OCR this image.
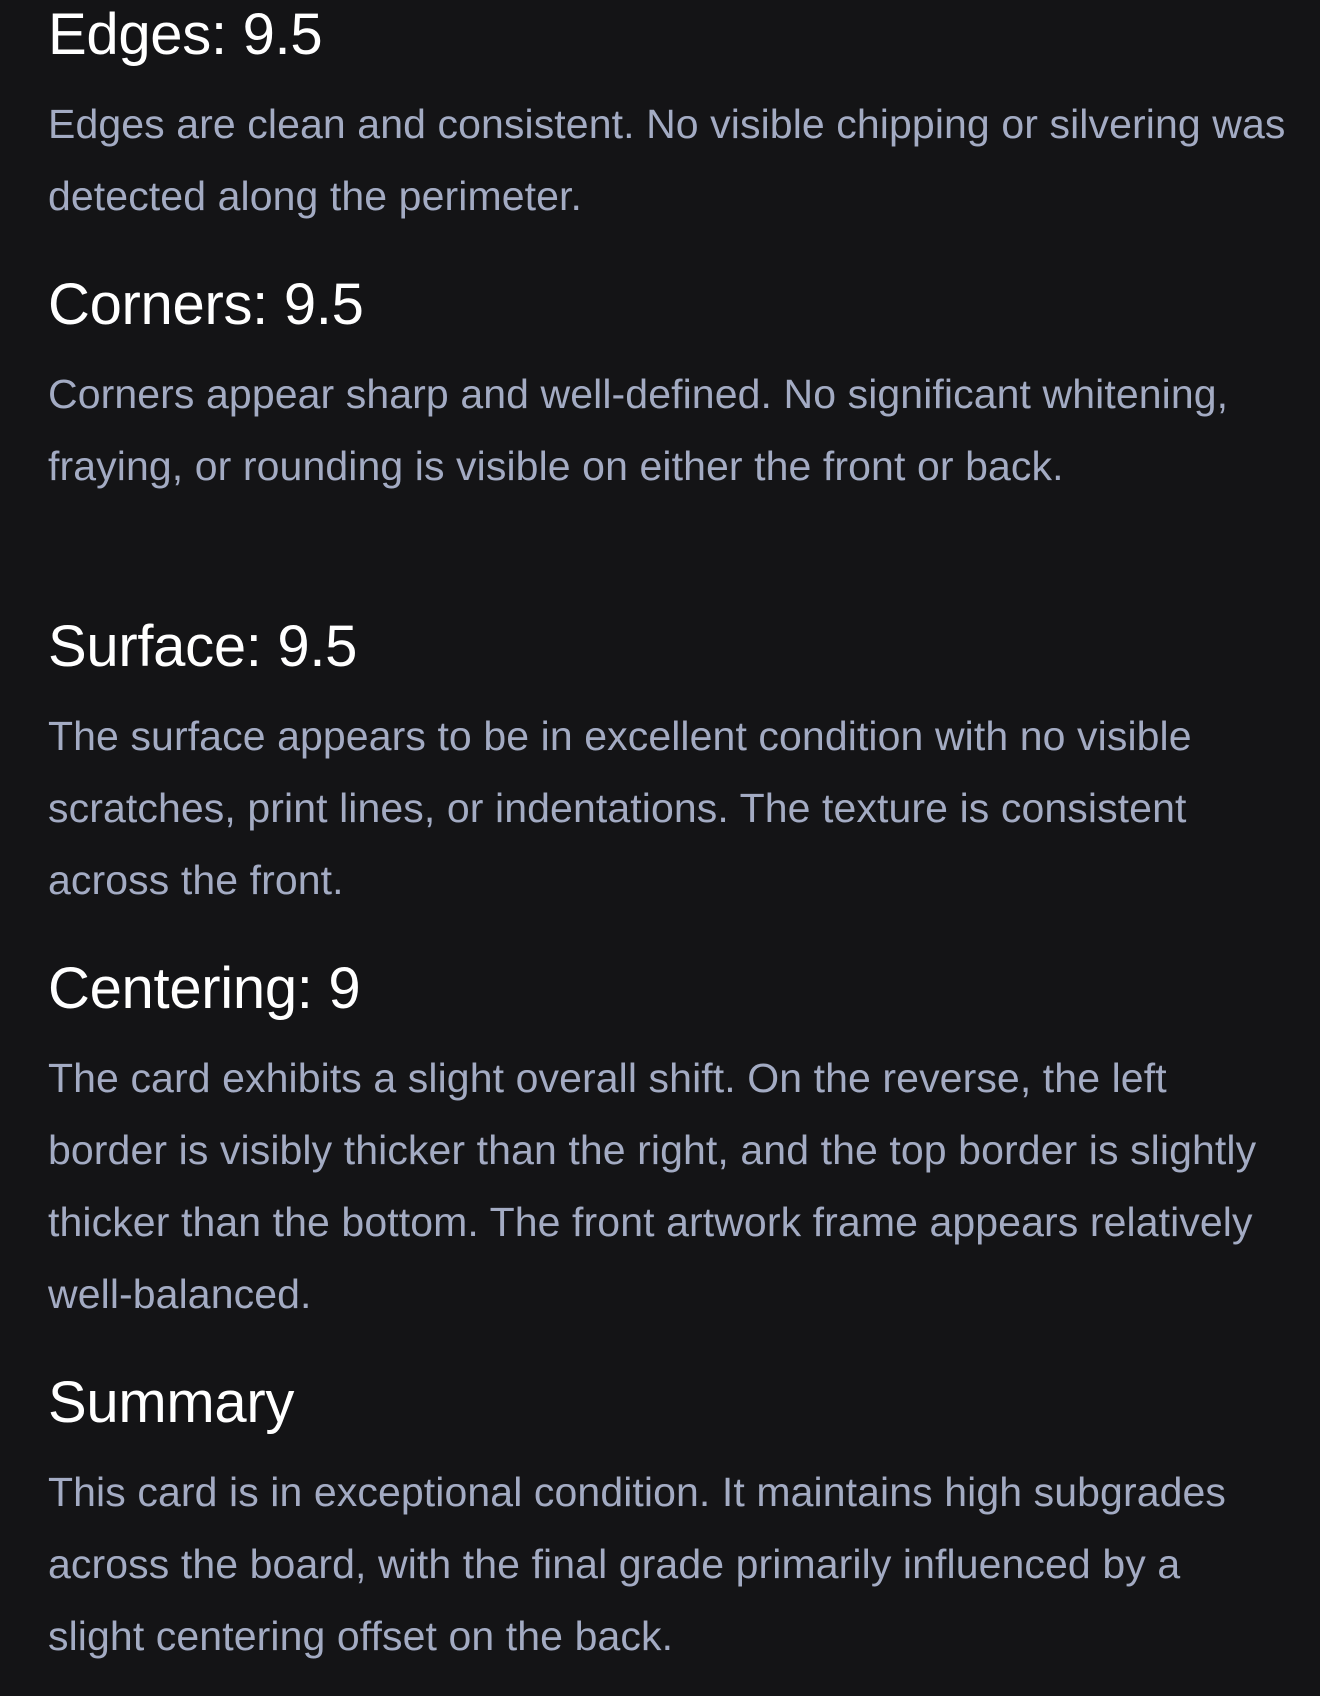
Edges: 9.5

Edges are clean and consistent. No visible chipping or silvering was detected along the perimeter.

Corners: 9.5

Corners appear sharp and well-defined. No significant whitening, fraying, or rounding is visible on either the front or back.

Surface: 9.5

The surface appears to be in excellent condition with no visible scratches, print lines, or indentations. The texture is consistent across the front.

Centering: 9

The card exhibits a slight overall shift. On the reverse, the left border is visibly thicker than the right, and the top border is slightly thicker than the bottom. The front artwork frame appears relatively well-balanced.

Summary

This card is in exceptional condition. It maintains high subgrades across the board, with the final grade primarily influenced by a slight centering offset on the back.
